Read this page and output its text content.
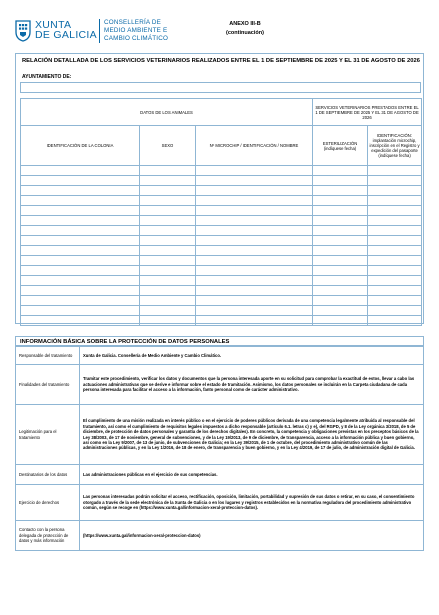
XUNTA
DE GALICIA
CONSELLERÍA DE
MEDIO AMBIENTE E
CAMBIO CLIMÁTICO
ANEXO III-B
(continuación)
RELACIÓN DETALLADA DE LOS SERVICIOS VETERINARIOS REALIZADOS ENTRE EL 1 DE SEPTIEMBRE DE 2025 Y EL 31 DE AGOSTO DE 2026
AYUNTAMIENTO DE:
DATOS DE LOS ANIMALES			SERVICIOS VETERINARIOS PRESTADOS ENTRE EL 1 DE SEPTIEMBRE DE 2025 Y EL 31 DE AGOSTO DE 2026	
IDENTIFICACIÓN DE LA COLONIA	SEXO	Nº MICROCHIP / IDENTIFICACIÓN / NOMBRE	ESTERILIZACIÓN (indíquese fecha)	IDENTIFICACIÓN: implantación microchip, inscripción en el Registro y expedición del pasaporte (indíquese fecha)

INFORMACIÓN BÁSICA SOBRE LA PROTECCIÓN DE DATOS PERSONALES
Responsable del tratamiento	Xunta de Galicia. Consellería de Medio Ambiente y Cambio Climático.
Finalidades del tratamiento	Tramitar este procedimiento, verificar los datos y documentos que la persona interesada aporte en su solicitud para comprobar la exactitud de estos, llevar a cabo las actuaciones administrativas que se derive e informar sobre el estado de tramitación. Asimismo, los datos personales se incluirán en la Carpeta ciudadana de cada persona interesada para facilitar el acceso a la información, fanto personal como de carácter administrativo.
Legitimación para el tratamiento	El cumplimiento de una misión realizada en interés público o en el ejercicio de poderes públicos derivada de una competencia legalmente atribuida al responsable del tratamiento, así como el cumplimiento de requisitos legales impuestos a dicho responsable (artículo 6.1. letras c) y e), del RGPD, y 8 de la Ley orgánica 3/2018, de 5 de diciembre, de protección de datos personales y garantía de los derechos digitales). En concreto, la competencia y obligaciones previstas en los preceptos básicos de la Ley 38/2003, de 17 de noviembre, general de subvenciones, y de la Ley 19/2013, de 9 de diciembre, de transparencia, acceso a la información pública y buen gobierno, así como en la Ley 9/2007, de 13 de junio, de subvenciones de Galicia; en la Ley 39/2015, de 1 de octubre, del procedimiento administrativo común de las administraciones públicas, y en la Ley 1/2016, de 18 de enero, de transparencia y buen gobierno, y en la Ley 4/2019, de 17 de julio, de administración digital de Galicia.
Destinatarios de los datos	Las administraciones públicas en el ejercicio de sus competencias.
Ejercicio de derechos	Las personas interesadas podrán solicitar el acceso, rectificación, oposición, limitación, portabilidad y supresión de sus datos o retirar, en su caso, el consentimiento otorgado a través de la sede electrónica de la Xunta de Galicia o en los lugares y registros establecidos en la normativa reguladora del procedimiento administrativo común, según se recoge en (https://www.xunta.gal/informacion-xeral-proteccion-datos).
Contacto con la persona delegada de protección de datos y más información	(https://www.xunta.gal/informacion-xeral-proteccion-datos)
